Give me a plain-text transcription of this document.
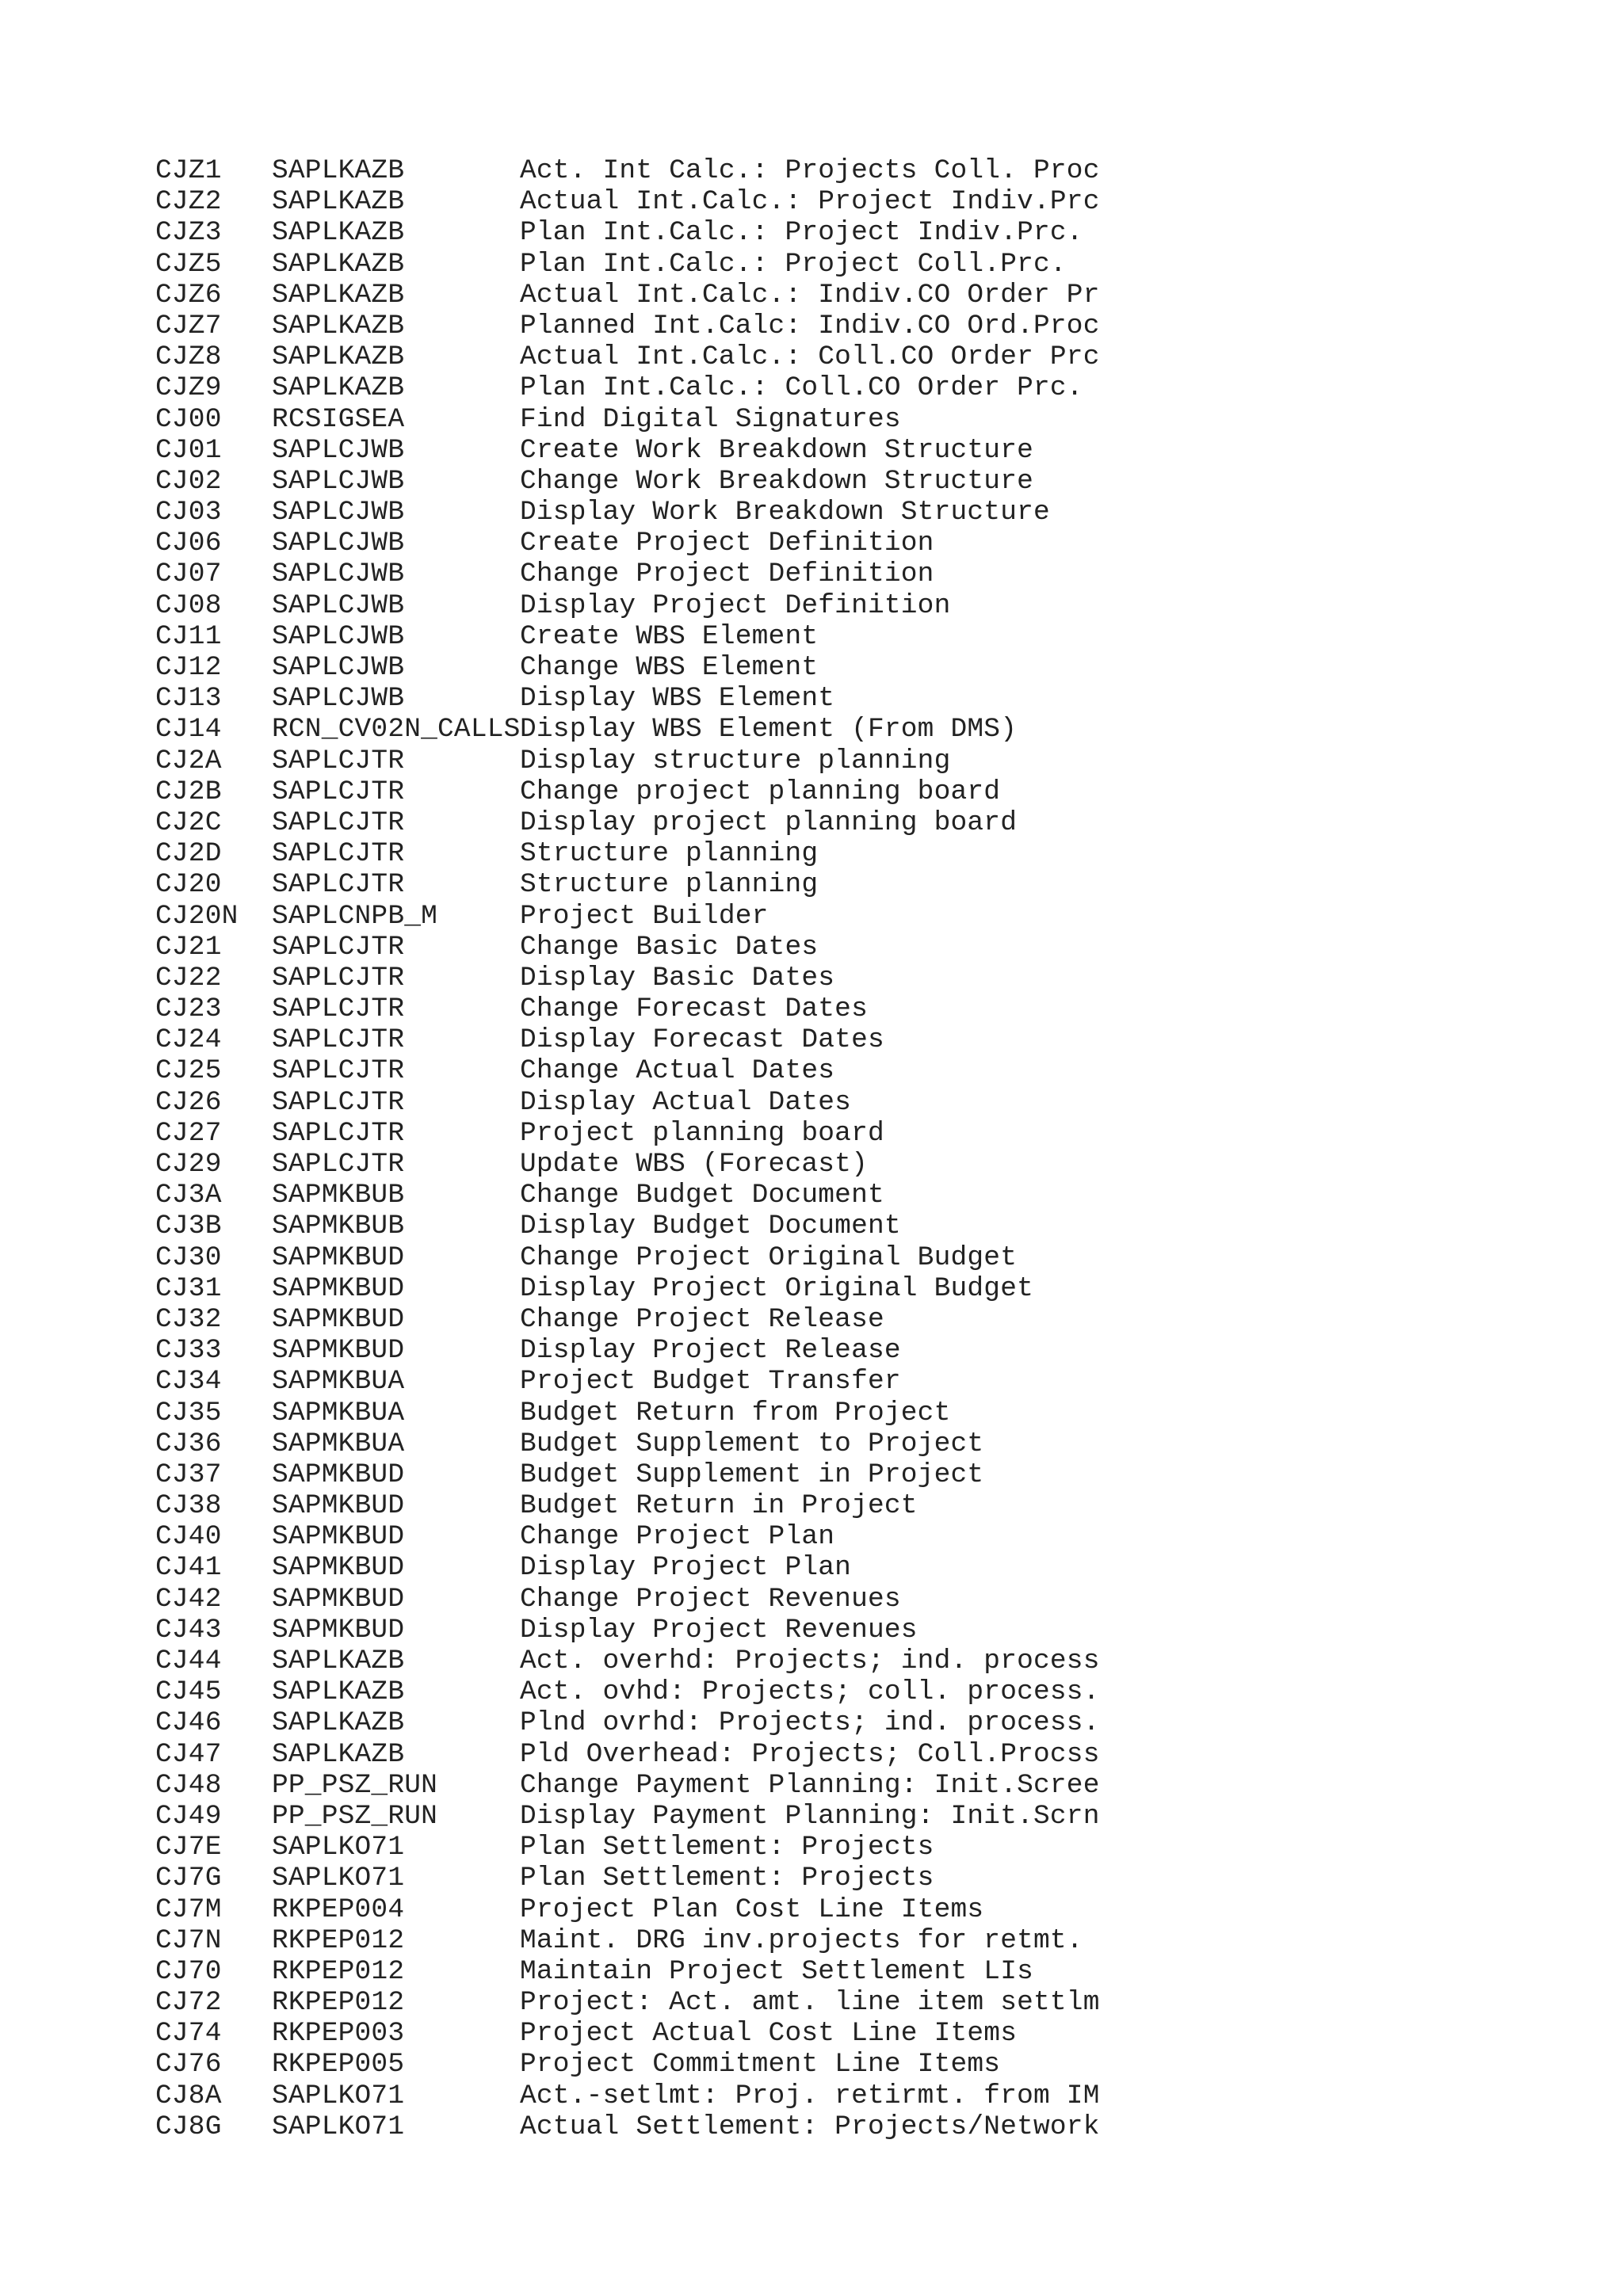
CJZ1 SAPLKAZB	Act. Int Calc.: Projects Coll. Proc
CJZ2 SAPLKAZB	Actual Int.Calc.: Project Indiv.Prc
CJZ3 SAPLKAZB	Plan Int.Calc.: Project Indiv.Prc.
CJZ5 SAPLKAZB	Plan Int.Calc.: Project Coll.Prc.
CJZ6 SAPLKAZB	Actual Int.Calc.: Indiv.CO Order Pr
CJZ7 SAPLKAZB	Planned Int.Calc: Indiv.CO Ord.Proc
CJZ8 SAPLKAZB	Actual Int.Calc.: Coll.CO Order Prc
CJZ9 SAPLKAZB	Plan Int.Calc.: Coll.CO Order Prc.
CJ00 RCSIGSEA	Find Digital Signatures
CJ01 SAPLCJWB	Create Work Breakdown Structure
CJ02 SAPLCJWB	Change Work Breakdown Structure
CJ03 SAPLCJWB	Display Work Breakdown Structure
CJ06 SAPLCJWB	Create Project Definition
CJ07 SAPLCJWB	Change Project Definition
CJ08 SAPLCJWB	Display Project Definition
CJ11 SAPLCJWB	Create WBS Element
CJ12 SAPLCJWB	Change WBS Element
CJ13 SAPLCJWB	Display WBS Element
CJ14 RCN_CV02N_CALLS Display WBS Element (From DMS)
CJ2A SAPLCJTR	Display structure planning
CJ2B SAPLCJTR	Change project planning board
CJ2C SAPLCJTR	Display project planning board
CJ2D SAPLCJTR	Structure planning
CJ20 SAPLCJTR	Structure planning
CJ20N SAPLCNPB_M	Project Builder
CJ21 SAPLCJTR	Change Basic Dates
CJ22 SAPLCJTR	Display Basic Dates
CJ23 SAPLCJTR	Change Forecast Dates
CJ24 SAPLCJTR	Display Forecast Dates
CJ25 SAPLCJTR	Change Actual Dates
CJ26 SAPLCJTR	Display Actual Dates
CJ27 SAPLCJTR	Project planning board
CJ29 SAPLCJTR	Update WBS (Forecast)
CJ3A SAPMKBUB	Change Budget Document
CJ3B SAPMKBUB	Display Budget Document
CJ30 SAPMKBUD	Change Project Original Budget
CJ31 SAPMKBUD	Display Project Original Budget
CJ32 SAPMKBUD	Change Project Release
CJ33 SAPMKBUD	Display Project Release
CJ34 SAPMKBUA	Project Budget Transfer
CJ35 SAPMKBUA	Budget Return from Project
CJ36 SAPMKBUA	Budget Supplement to Project
CJ37 SAPMKBUD	Budget Supplement in Project
CJ38 SAPMKBUD	Budget Return in Project
CJ40 SAPMKBUD	Change Project Plan
CJ41 SAPMKBUD	Display Project Plan
CJ42 SAPMKBUD	Change Project Revenues
CJ43 SAPMKBUD	Display Project Revenues
CJ44 SAPLKAZB	Act. overhd: Projects; ind. process
CJ45 SAPLKAZB	Act. ovhd: Projects; coll. process.
CJ46 SAPLKAZB	Plnd ovrhd: Projects; ind. process.
CJ47 SAPLKAZB	Pld Overhead: Projects; Coll.Procss
CJ48 PP_PSZ_RUN	Change Payment Planning: Init.Scree
CJ49 PP_PSZ_RUN	Display Payment Planning: Init.Scrn
CJ7E SAPLKO71	Plan Settlement: Projects
CJ7G SAPLKO71	Plan Settlement: Projects
CJ7M RKPEP004	Project Plan Cost Line Items
CJ7N RKPEP012	Maint. DRG inv.projects for retmt.
CJ70 RKPEP012	Maintain Project Settlement LIs
CJ72 RKPEP012	Project: Act. amt. line item settlm
CJ74 RKPEP003	Project Actual Cost Line Items
CJ76 RKPEP005	Project Commitment Line Items
CJ8A SAPLKO71	Act.-setlmt: Proj. retirmt. from IM
CJ8G SAPLKO71	Actual Settlement: Projects/Network
